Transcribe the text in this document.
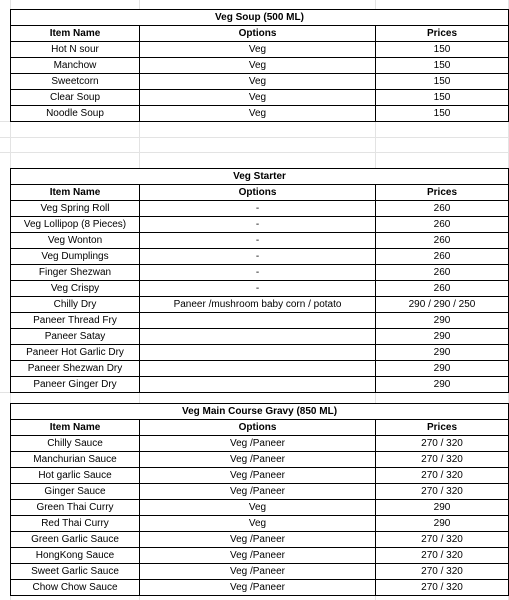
Veg Soup (500 ML)		
Item Name	Options	Prices
Hot N sour	Veg	150
Manchow	Veg	150
Sweetcorn	Veg	150
Clear Soup	Veg	150
Noodle Soup	Veg	150
Veg Starter		
Item Name	Options	Prices
Veg Spring Roll	-	260
Veg Lollipop (8 Pieces)	-	260
Veg Wonton	-	260
Veg Dumplings	-	260
Finger Shezwan	-	260
Veg Crispy	-	260
Chilly Dry	Paneer /mushroom baby corn / potato	290 / 290 / 250
Paneer Thread Fry		290
Paneer Satay		290
Paneer Hot Garlic Dry		290
Paneer Shezwan Dry		290
Paneer Ginger Dry		290
Veg Main Course Gravy (850 ML)		
Item Name	Options	Prices
Chilly Sauce	Veg /Paneer	270 / 320
Manchurian Sauce	Veg /Paneer	270 / 320
Hot garlic Sauce	Veg /Paneer	270 / 320
Ginger Sauce	Veg /Paneer	270 / 320
Green Thai Curry	Veg	290
Red Thai Curry	Veg	290
Green Garlic Sauce	Veg /Paneer	270 / 320
HongKong Sauce	Veg /Paneer	270 / 320
Sweet Garlic Sauce	Veg /Paneer	270 / 320
Chow Chow Sauce	Veg /Paneer	270 / 320
